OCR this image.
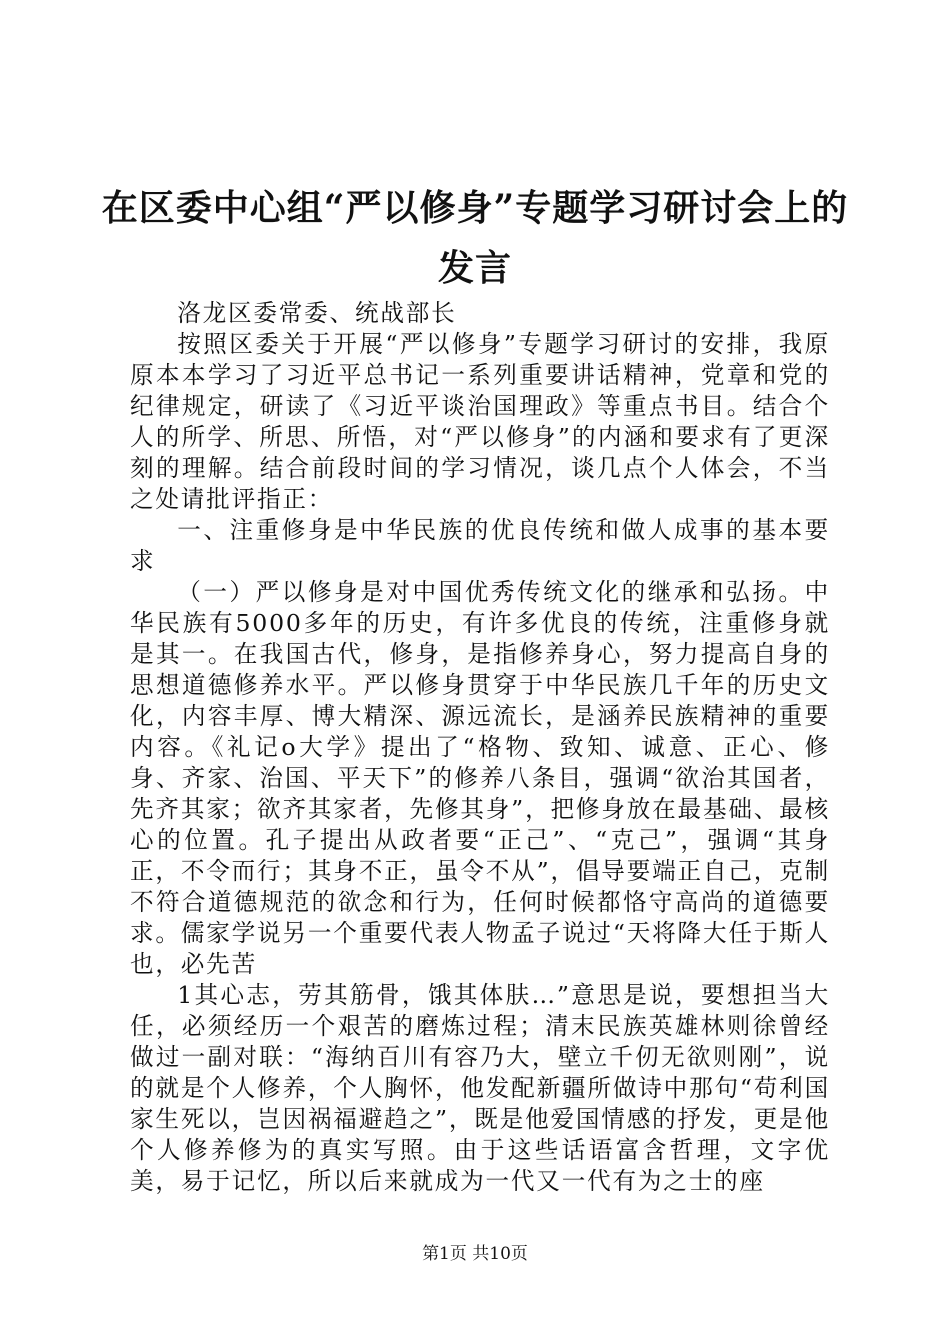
在区委中心组“严以修身”专题学习研讨会上的发言

洛龙区委常委、统战部长

按照区委关于开展“严以修身”专题学习研讨的安排，我原原本本学习了习近平总书记一系列重要讲话精神，党章和党的纪律规定，研读了《习近平谈治国理政》等重点书目。结合个人的所学、所思、所悟，对“严以修身”的内涵和要求有了更深刻的理解。结合前段时间的学习情况，谈几点个人体会，不当之处请批评指正：

一、注重修身是中华民族的优良传统和做人成事的基本要求

（一）严以修身是对中国优秀传统文化的继承和弘扬。中华民族有5000多年的历史，有许多优良的传统，注重修身就是其一。在我国古代，修身，是指修养身心，努力提高自身的思想道德修养水平。严以修身贯穿于中华民族几千年的历史文化，内容丰厚、博大精深、源远流长，是涵养民族精神的重要内容。《礼记o大学》提出了“格物、致知、诚意、正心、修身、齐家、治国、平天下”的修养八条目，强调“欲治其国者，先齐其家；欲齐其家者，先修其身”，把修身放在最基础、最核心的位置。孔子提出从政者要“正己”、“克己”，强调“其身正，不令而行；其身不正，虽令不从”，倡导要端正自己，克制不符合道德规范的欲念和行为，任何时候都恪守高尚的道德要求。儒家学说另一个重要代表人物孟子说过“天将降大任于斯人也，必先苦

1其心志，劳其筋骨，饿其体肤…”意思是说，要想担当大任，必须经历一个艰苦的磨炼过程；清末民族英雄林则徐曾经做过一副对联：“海纳百川有容乃大，壁立千仞无欲则刚”，说的就是个人修养，个人胸怀，他发配新疆所做诗中那句“苟利国家生死以，岂因祸福避趋之”，既是他爱国情感的抒发，更是他个人修养修为的真实写照。由于这些话语富含哲理，文字优美，易于记忆，所以后来就成为一代又一代有为之士的座

第1页 共10页
